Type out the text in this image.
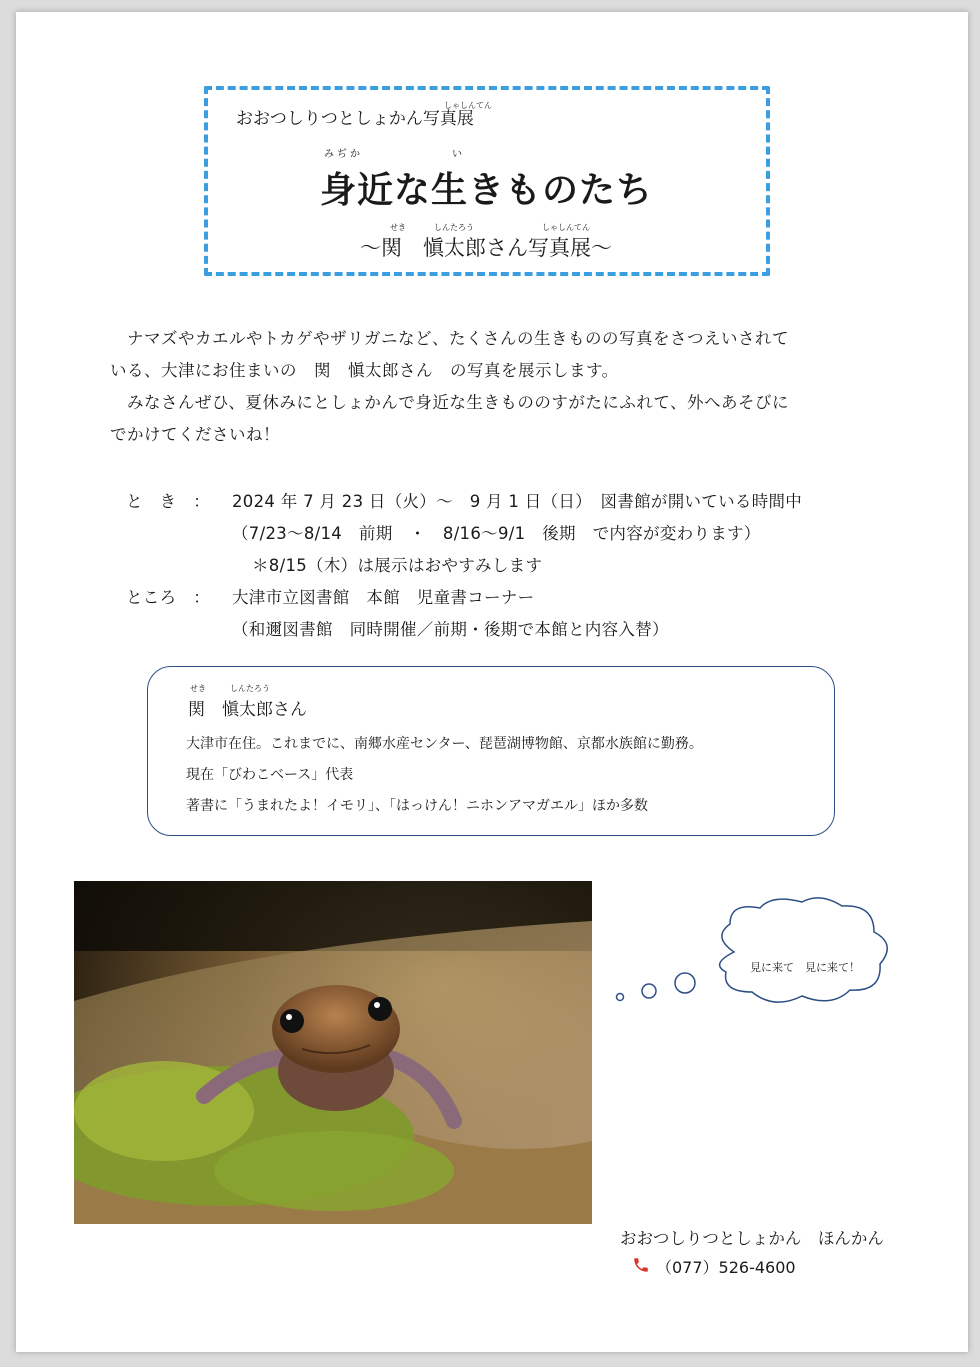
おおつしりつとしょかん写真展
しゃしんてん
みぢか	い
身近な生きものたち
せき	しんたろう	しゃしんてん
～関　愼太郎さん写真展～
ナマズやカエルやトカゲやザリガニなど、たくさんの生きものの写真をさつえいされて
いる、大津にお住まいの　関　愼太郎さん　の写真を展示します。
みなさんぜひ、夏休みにとしょかんで身近な生きもののすがたにふれて、外へあそびに
でかけてくださいね！
と　き　： 2024 年 7 月 23 日（火）～　9 月 1 日（日）　図書館が開いている時間中
（7/23～8/14　前期　・　8/16～9/1　後期　で内容が変わります）
＊8/15（木）は展示はおやすみします
ところ　： 大津市立図書館　本館　児童書コーナー
（和邇図書館　同時開催／前期・後期で本館と内容入替）
せき	しんたろう
関　愼太郎さん
大津市在住。これまでに、南郷水産センター、琵琶湖博物館、京都水族館に勤務。
現在「びわこベース」代表
著書に「うまれたよ！イモリ」、「はっけん！ニホンアマガエル」ほか多数
見に来て　見に来て！
おおつしりつとしょかん　ほんかん
（077）526-4600
